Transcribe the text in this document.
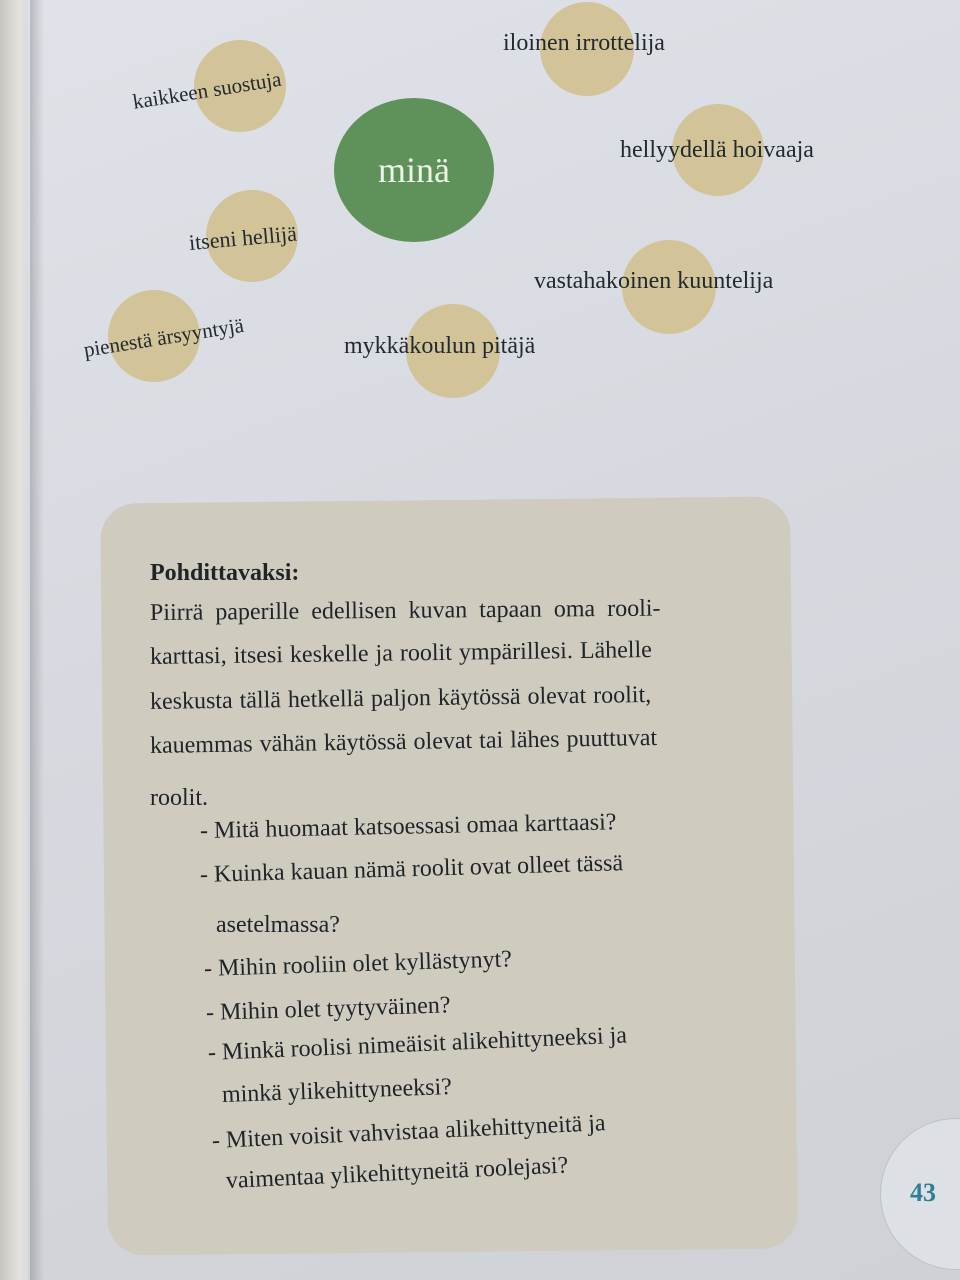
minä
kaikkeen suostuja
iloinen irrottelija
hellyydellä hoivaaja
itseni hellijä
vastahakoinen kuuntelija
pienestä ärsyyntyjä	mykkäkoulun pitäjä
Pohdittavaksi:
Piirrä paperille edellisen kuvan tapaan oma rooli-
karttasi, itsesi keskelle ja roolit ympärillesi. Lähelle
keskusta tällä hetkellä paljon käytössä olevat roolit,
kauemmas vähän käytössä olevat tai lähes puuttuvat
roolit.
- Mitä huomaat katsoessasi omaa karttaasi?
- Kuinka kauan nämä roolit ovat olleet tässä
asetelmassa?
- Mihin rooliin olet kyllästynyt?
- Mihin olet tyytyväinen?
- Minkä roolisi nimeäisit alikehittyneeksi ja
minkä ylikehittyneeksi?
- Miten voisit vahvistaa alikehittyneitä ja
vaimentaa ylikehittyneitä roolejasi?	43
